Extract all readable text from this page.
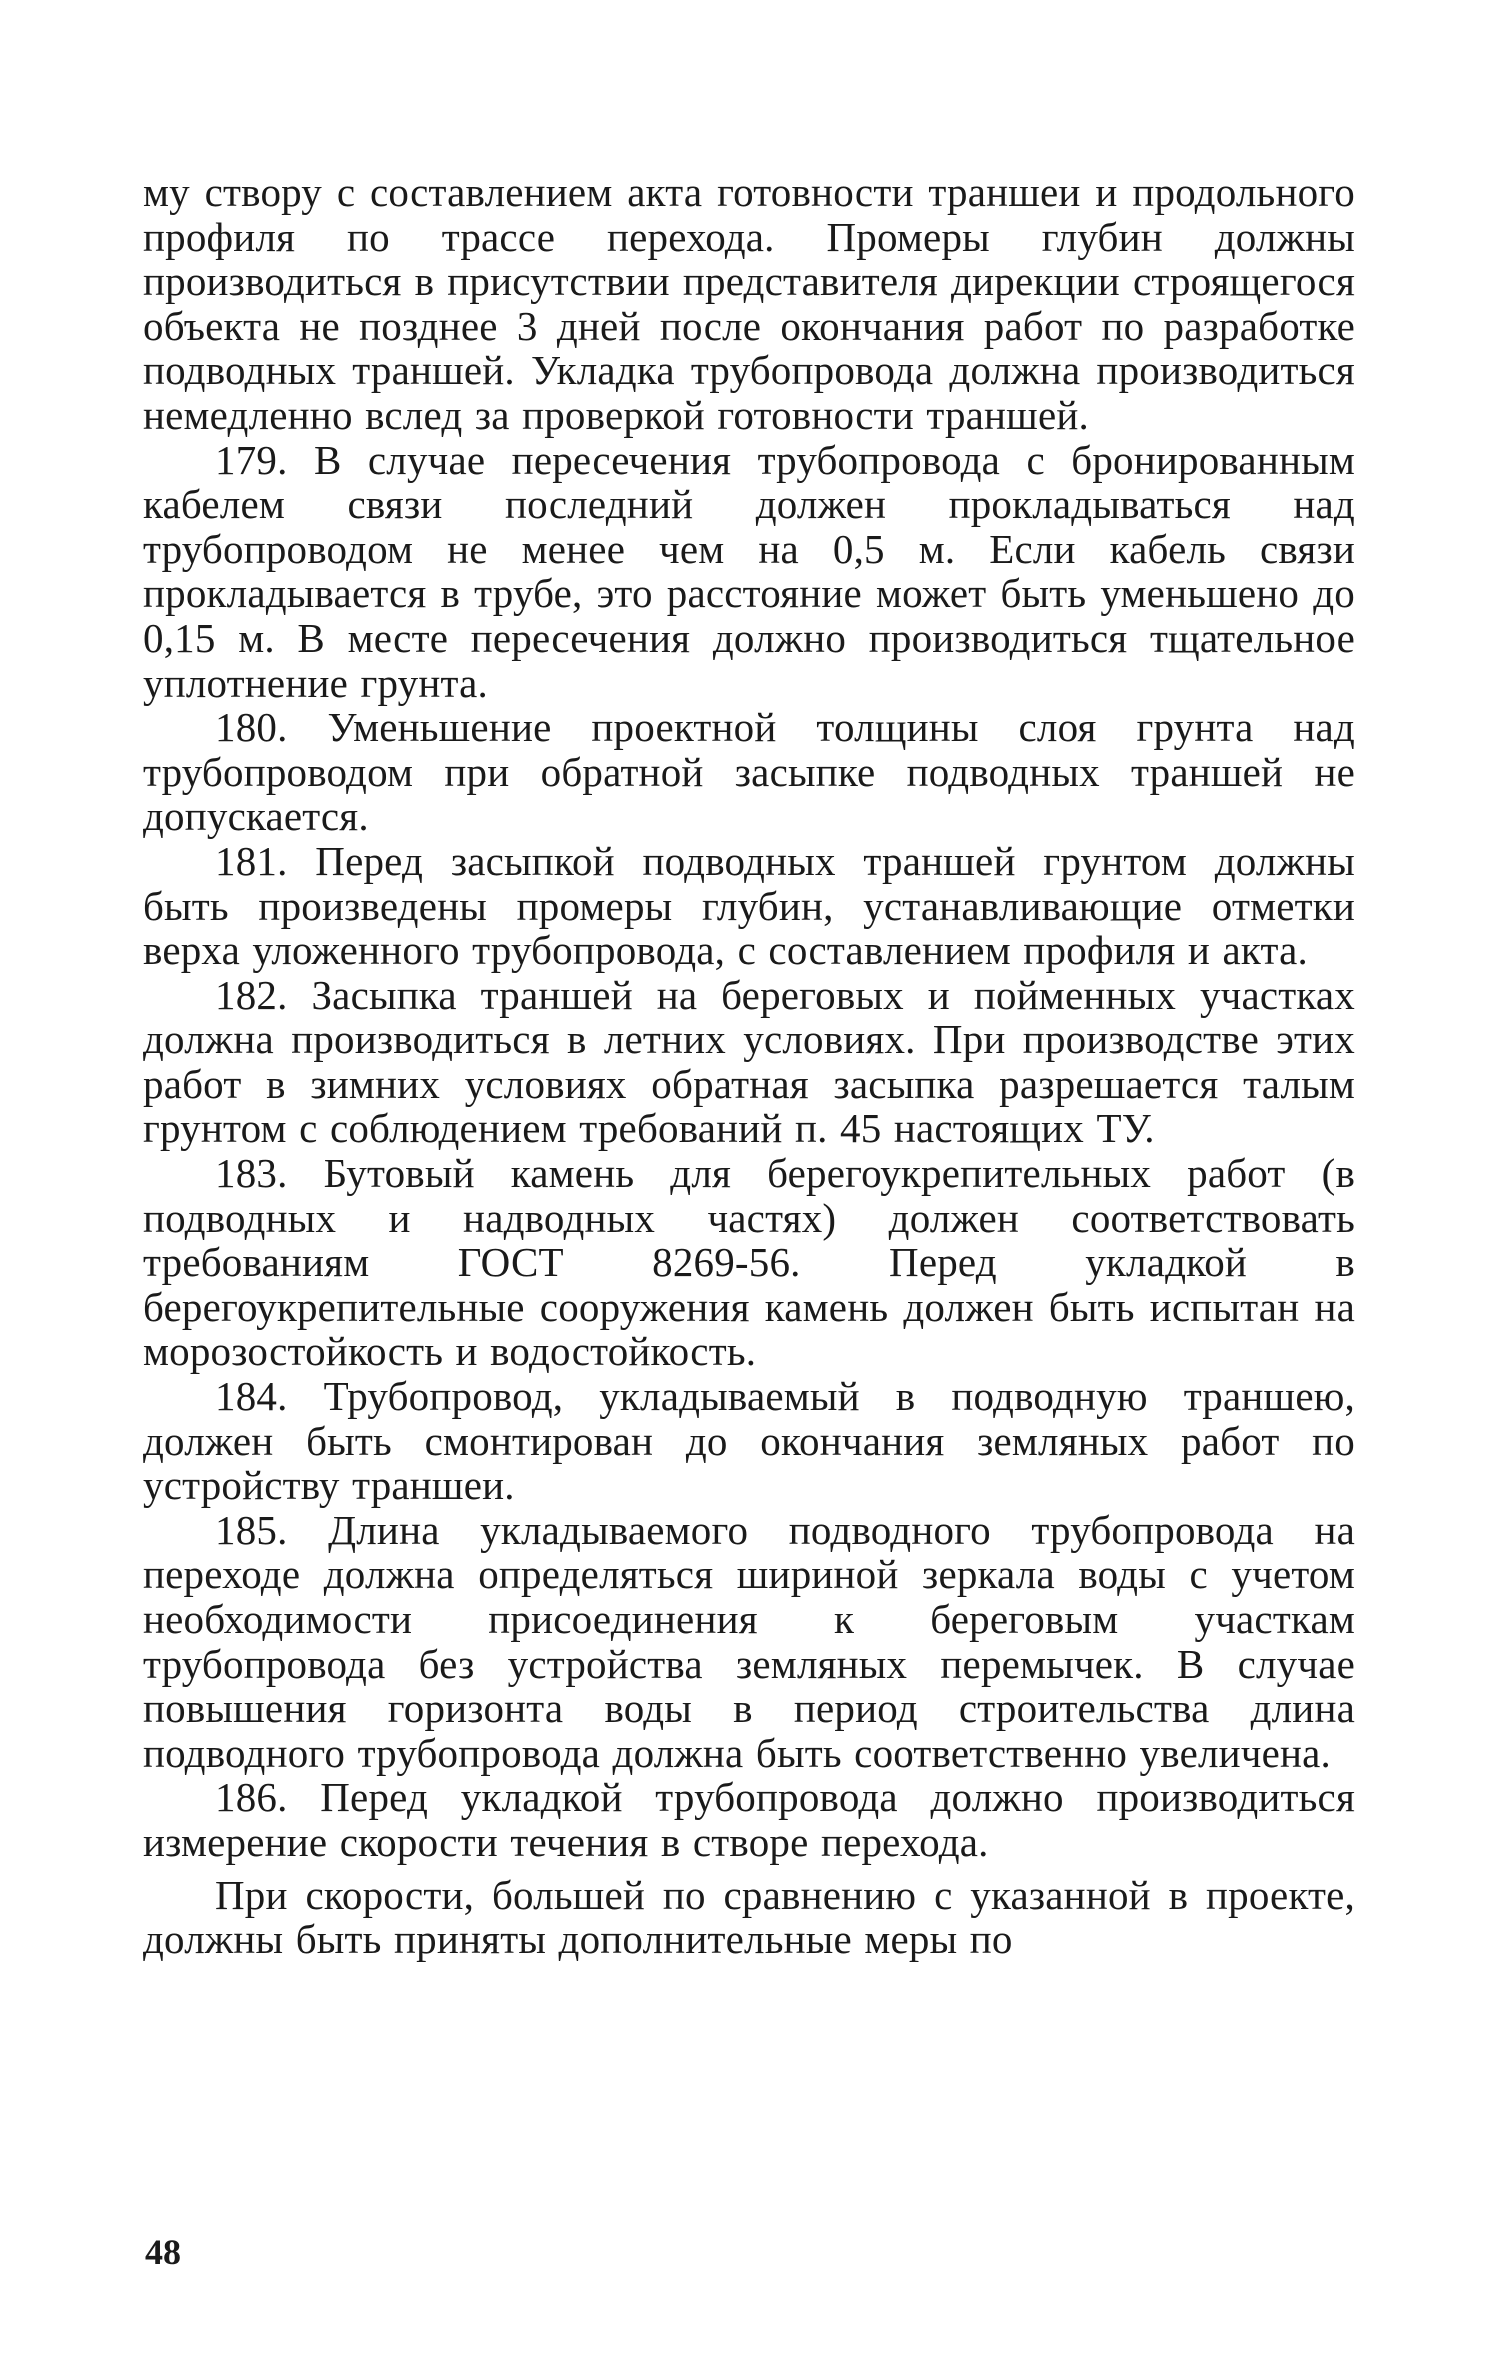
му створу с составлением акта готовности траншеи и продольного профиля по трассе перехода. Промеры глубин должны производиться в присутствии представителя дирекции строящегося объекта не позднее 3 дней после окончания работ по разработке подводных траншей. Укладка трубопровода должна производиться немедленно вслед за проверкой готовности траншей.

179. В случае пересечения трубопровода с бронированным кабелем связи последний должен прокладываться над трубопроводом не менее чем на 0,5 м. Если кабель связи прокладывается в трубе, это расстояние может быть уменьшено до 0,15 м. В месте пересечения должно производиться тщательное уплотнение грунта.

180. Уменьшение проектной толщины слоя грунта над трубопроводом при обратной засыпке подводных траншей не допускается.

181. Перед засыпкой подводных траншей грунтом должны быть произведены промеры глубин, устанавливающие отметки верха уложенного трубопровода, с составлением профиля и акта.

182. Засыпка траншей на береговых и пойменных участках должна производиться в летних условиях. При производстве этих работ в зимних условиях обратная засыпка разрешается талым грунтом с соблюдением требований п. 45 настоящих ТУ.

183. Бутовый камень для берегоукрепительных работ (в подводных и надводных частях) должен соответствовать требованиям ГОСТ 8269-56. Перед укладкой в берегоукрепительные сооружения камень должен быть испытан на морозостойкость и водостойкость.

184. Трубопровод, укладываемый в подводную траншею, должен быть смонтирован до окончания земляных работ по устройству траншеи.

185. Длина укладываемого подводного трубопровода на переходе должна определяться шириной зеркала воды с учетом необходимости присоединения к береговым участкам трубопровода без устройства земляных перемычек. В случае повышения горизонта воды в период строительства длина подводного трубопровода должна быть соответственно увеличена.

186. Перед укладкой трубопровода должно производиться измерение скорости течения в створе перехода.

При скорости, большей по сравнению с указанной в проекте, должны быть приняты дополнительные меры по

48
